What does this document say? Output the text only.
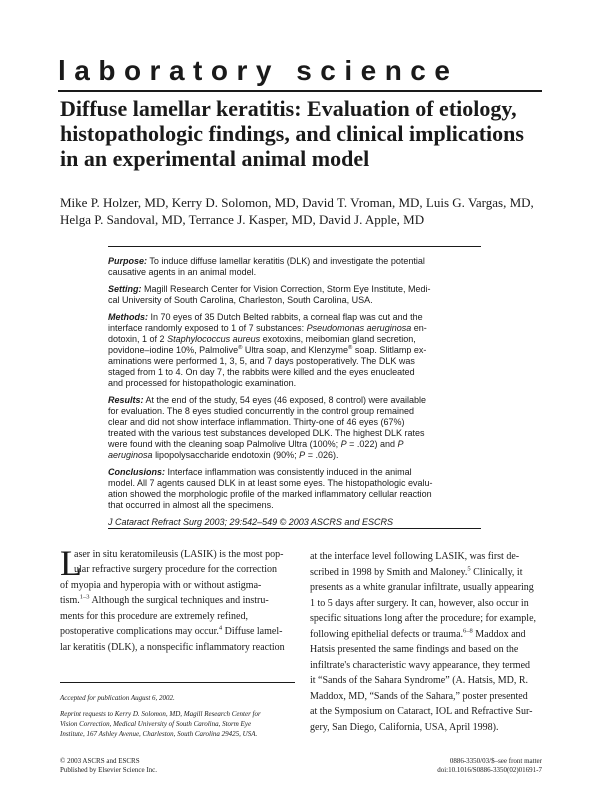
laboratory science
Diffuse lamellar keratitis: Evaluation of etiology,
histopathologic findings, and clinical implications
in an experimental animal model
Mike P. Holzer, MD, Kerry D. Solomon, MD, David T. Vroman, MD, Luis G. Vargas, MD,
Helga P. Sandoval, MD, Terrance J. Kasper, MD, David J. Apple, MD
Purpose: To induce diffuse lamellar keratitis (DLK) and investigate the potential
causative agents in an animal model.
Setting: Magill Research Center for Vision Correction, Storm Eye Institute, Medi-
cal University of South Carolina, Charleston, South Carolina, USA.
Methods: In 70 eyes of 35 Dutch Belted rabbits, a corneal flap was cut and the
interface randomly exposed to 1 of 7 substances: Pseudomonas aeruginosa en-
dotoxin, 1 of 2 Staphylococcus aureus exotoxins, meibomian gland secretion,
povidone–iodine 10%, Palmolive® Ultra soap, and Klenzyme® soap. Slitlamp ex-
aminations were performed 1, 3, 5, and 7 days postoperatively. The DLK was
staged from 1 to 4. On day 7, the rabbits were killed and the eyes enucleated
and processed for histopathologic examination.
Results: At the end of the study, 54 eyes (46 exposed, 8 control) were available
for evaluation. The 8 eyes studied concurrently in the control group remained
clear and did not show interface inflammation. Thirty-one of 46 eyes (67%)
treated with the various test substances developed DLK. The highest DLK rates
were found with the cleaning soap Palmolive Ultra (100%; P = .022) and P
aeruginosa lipopolysaccharide endotoxin (90%; P = .026).
Conclusions: Interface inflammation was consistently induced in the animal
model. All 7 agents caused DLK in at least some eyes. The histopathologic evalu-
ation showed the morphologic profile of the marked inflammatory cellular reaction
that occurred in almost all the specimens.
J Cataract Refract Surg 2003; 29:542–549 © 2003 ASCRS and ESCRS
L
aser in situ keratomileusis (LASIK) is the most pop-
ular refractive surgery procedure for the correction
of myopia and hyperopia with or without astigma-
tism.$^{1-3}$ Although the surgical techniques and instru-
ments for this procedure are extremely refined,
postoperative complications may occur.$^4$ Diffuse lamel-
lar keratitis (DLK), a nonspecific inflammatory reaction
at the interface level following LASIK, was first de-
scribed in 1998 by Smith and Maloney.$^5$ Clinically, it
presents as a white granular infiltrate, usually appearing
1 to 5 days after surgery. It can, however, also occur in
specific situations long after the procedure; for example,
following epithelial defects or trauma.$^{6-8}$ Maddox and
Hatsis presented the same findings and based on the
infiltrate's characteristic wavy appearance, they termed
it “Sands of the Sahara Syndrome” (A. Hatsis, MD, R.
Maddox, MD, “Sands of the Sahara,” poster presented
at the Symposium on Cataract, IOL and Refractive Sur-
gery, San Diego, California, USA, April 1998).
Accepted for publication August 6, 2002.
Reprint requests to Kerry D. Solomon, MD, Magill Research Center for
Vision Correction, Medical University of South Carolina, Storm Eye
Institute, 167 Ashley Avenue, Charleston, South Carolina 29425, USA.
© 2003 ASCRS and ESCRS
Published by Elsevier Science Inc.
0886-3350/03/$–see front matter
doi:10.1016/S0886-3350(02)01691-7
